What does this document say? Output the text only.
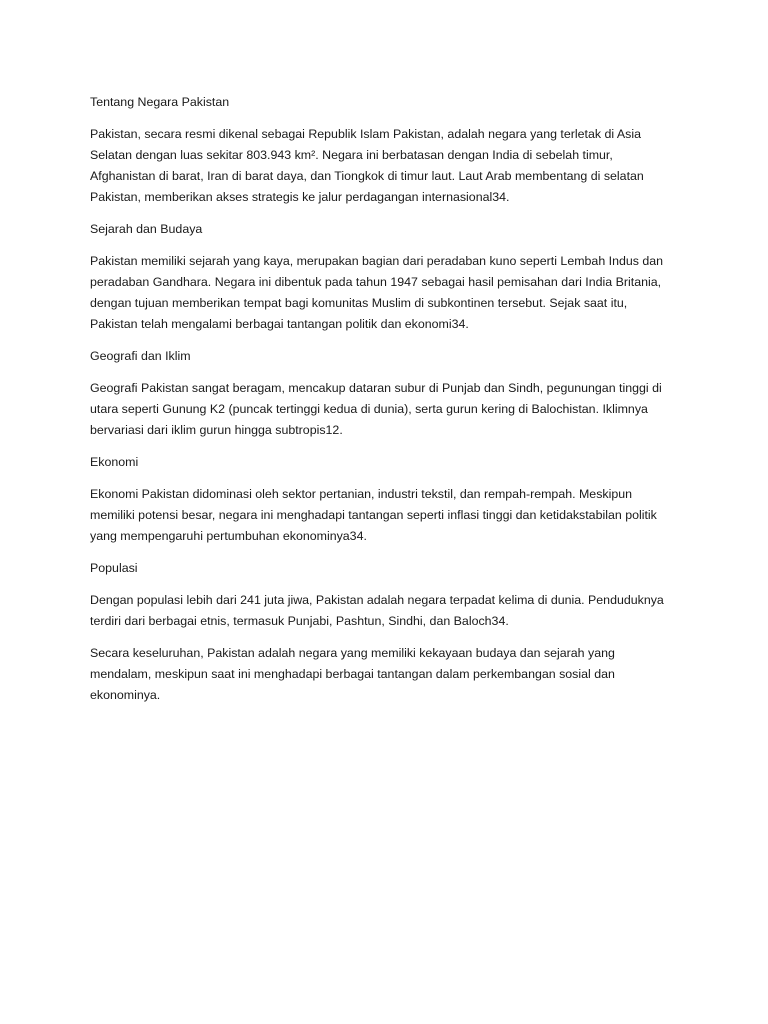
Tentang Negara Pakistan

Pakistan, secara resmi dikenal sebagai Republik Islam Pakistan, adalah negara yang terletak di Asia
Selatan dengan luas sekitar 803.943 km². Negara ini berbatasan dengan India di sebelah timur,
Afghanistan di barat, Iran di barat daya, dan Tiongkok di timur laut. Laut Arab membentang di selatan
Pakistan, memberikan akses strategis ke jalur perdagangan internasional34.

Sejarah dan Budaya

Pakistan memiliki sejarah yang kaya, merupakan bagian dari peradaban kuno seperti Lembah Indus dan
peradaban Gandhara. Negara ini dibentuk pada tahun 1947 sebagai hasil pemisahan dari India Britania,
dengan tujuan memberikan tempat bagi komunitas Muslim di subkontinen tersebut. Sejak saat itu,
Pakistan telah mengalami berbagai tantangan politik dan ekonomi34.

Geografi dan Iklim

Geografi Pakistan sangat beragam, mencakup dataran subur di Punjab dan Sindh, pegunungan tinggi di
utara seperti Gunung K2 (puncak tertinggi kedua di dunia), serta gurun kering di Balochistan. Iklimnya
bervariasi dari iklim gurun hingga subtropis12.

Ekonomi

Ekonomi Pakistan didominasi oleh sektor pertanian, industri tekstil, dan rempah-rempah. Meskipun
memiliki potensi besar, negara ini menghadapi tantangan seperti inflasi tinggi dan ketidakstabilan politik
yang mempengaruhi pertumbuhan ekonominya34.

Populasi

Dengan populasi lebih dari 241 juta jiwa, Pakistan adalah negara terpadat kelima di dunia. Penduduknya
terdiri dari berbagai etnis, termasuk Punjabi, Pashtun, Sindhi, dan Baloch34.

Secara keseluruhan, Pakistan adalah negara yang memiliki kekayaan budaya dan sejarah yang
mendalam, meskipun saat ini menghadapi berbagai tantangan dalam perkembangan sosial dan
ekonominya.
